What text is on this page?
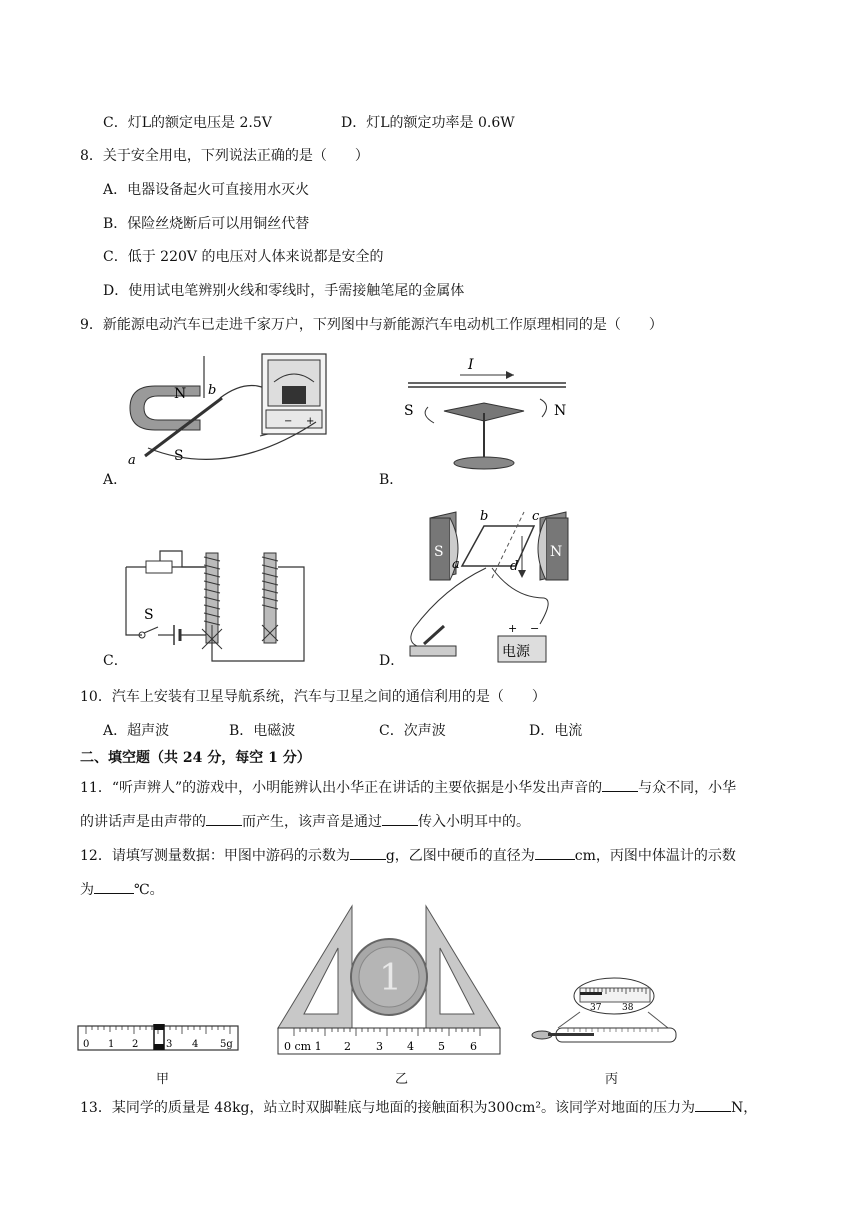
C．灯L的额定电压是 2.5V	D．灯L的额定功率是 0.6W
8．关于安全用电，下列说法正确的是（　　）
A．电器设备起火可直接用水灭火
B．保险丝烧断后可以用铜丝代替
C．低于 220V 的电压对人体来说都是安全的
D．使用试电笔辨别火线和零线时，手需接触笔尾的金属体
9．新能源电动汽车已走进千家万户，下列图中与新能源汽车电动机工作原理相同的是（　　）
N
S
a
b
+
−
A．
I
S	N
B．
S
C．
电源
+ −
S	N
a
b	c
d
D．
10．汽车上安装有卫星导航系统，汽车与卫星之间的通信利用的是（　　）
A．超声波	B．电磁波	C．次声波	D．电流
二、填空题（共 24 分，每空 1 分）
11．“听声辨人”的游戏中，小明能辨认出小华正在讲话的主要依据是小华发出声音的	与众不同，小华
的讲话声是由声带的	而产生，该声音是通过	传入小明耳中的。
12．请填写测量数据：甲图中游码的示数为	g，乙图中硬币的直径为	cm，丙图中体温计的示数
为	℃。
0 1 2	3 4 5g
甲
1
0 cm 1 2 3 4 5 6
乙
37 38
丙
13．某同学的质量是 48kg，站立时双脚鞋底与地面的接触面积为300cm²。该同学对地面的压力为	N，
